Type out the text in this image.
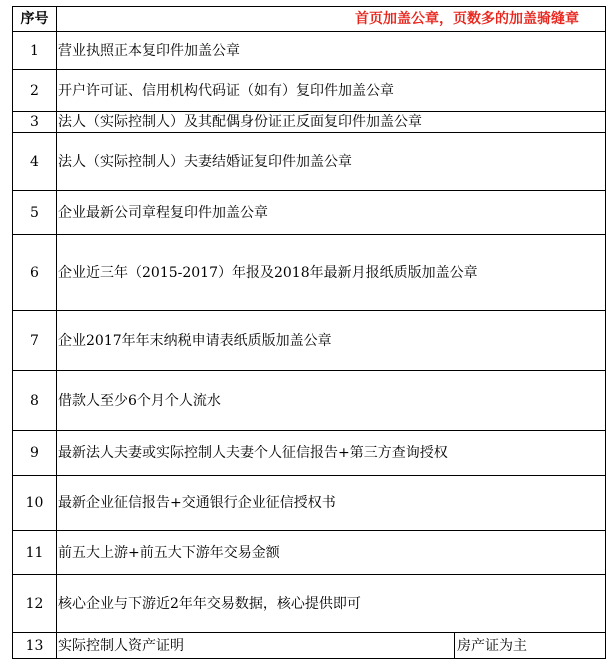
序号	首页加盖公章，页数多的加盖骑缝章	
1	营业执照正本复印件加盖公章	
2	开户许可证、信用机构代码证（如有）复印件加盖公章	
3	法人（实际控制人）及其配偶身份证正反面复印件加盖公章	
4	法人（实际控制人）夫妻结婚证复印件加盖公章	
5	企业最新公司章程复印件加盖公章	
6	企业近三年（2015-2017）年报及2018年最新月报纸质版加盖公章	
7	企业2017年年末纳税申请表纸质版加盖公章	
8	借款人至少6个月个人流水	
9	最新法人夫妻或实际控制人夫妻个人征信报告+第三方查询授权	
10	最新企业征信报告+交通银行企业征信授权书	
11	前五大上游+前五大下游年交易金额	
12	核心企业与下游近2年年交易数据，核心提供即可	
13	实际控制人资产证明	房产证为主
